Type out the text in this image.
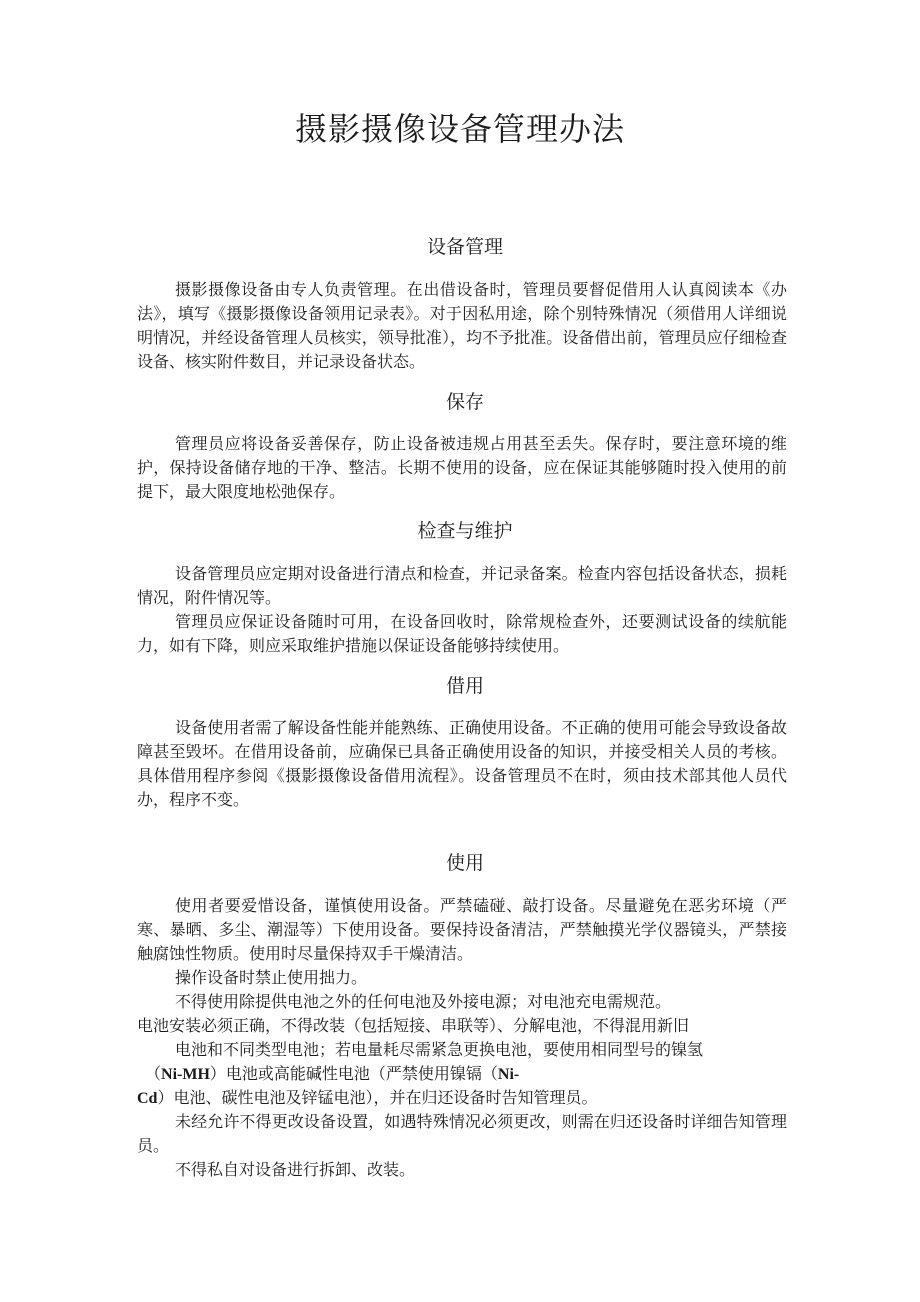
摄影摄像设备管理办法
设备管理

摄影摄像设备由专人负责管理。在出借设备时，管理员要督促借用人认真阅读本《办法》，填写《摄影摄像设备领用记录表》。对于因私用途，除个别特殊情况（须借用人详细说明情况，并经设备管理人员核实，领导批准），均不予批准。设备借出前，管理员应仔细检查设备、核实附件数目，并记录设备状态。

保存

管理员应将设备妥善保存，防止设备被违规占用甚至丢失。保存时，要注意环境的维护，保持设备储存地的干净、整洁。长期不使用的设备，应在保证其能够随时投入使用的前提下，最大限度地松弛保存。

检查与维护

设备管理员应定期对设备进行清点和检查，并记录备案。检查内容包括设备状态，损耗情况，附件情况等。

管理员应保证设备随时可用，在设备回收时，除常规检查外，还要测试设备的续航能力，如有下降，则应采取维护措施以保证设备能够持续使用。

借用

设备使用者需了解设备性能并能熟练、正确使用设备。不正确的使用可能会导致设备故障甚至毁坏。在借用设备前，应确保已具备正确使用设备的知识，并接受相关人员的考核。具体借用程序参阅《摄影摄像设备借用流程》。设备管理员不在时，须由技术部其他人员代办，程序不变。

使用

使用者要爱惜设备，谨慎使用设备。严禁磕碰、敲打设备。尽量避免在恶劣环境（严寒、暴晒、多尘、潮湿等）下使用设备。要保持设备清洁，严禁触摸光学仪器镜头，严禁接触腐蚀性物质。使用时尽量保持双手干燥清洁。

操作设备时禁止使用拙力。

不得使用除提供电池之外的任何电池及外接电源；对电池充电需规范。

电池安装必须正确，不得改装（包括短接、串联等）、分解电池，不得混用新旧

电池和不同类型电池；若电量耗尽需紧急更换电池，要使用相同型号的镍氢

（Ni-MH）电池或高能碱性电池（严禁使用镍镉（Ni-

Cd）电池、碳性电池及锌锰电池），并在归还设备时告知管理员。

未经允许不得更改设备设置，如遇特殊情况必须更改，则需在归还设备时详细告知管理员。

不得私自对设备进行拆卸、改装。
